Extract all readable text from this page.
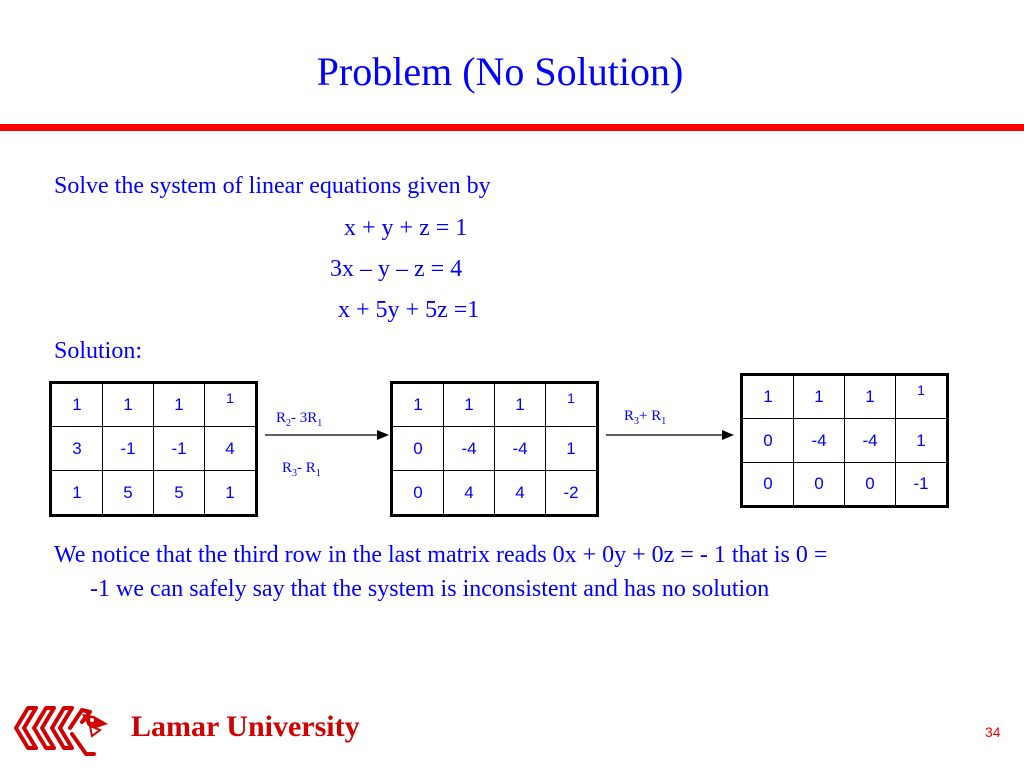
Problem (No Solution)
Solve the system of linear equations given by
x + y + z = 1
3x – y – z = 4
x + 5y + 5z =1
Solution:
1	1	1	1
3	-1	-1	4
1	5	5	1
$R_2-$ $3R_1$
$R_3-$ $R_1$
1	1	1	1
0	-4	-4	1
0	4	4	-2
$R_3+ R_1$
1	1	1	1
0	-4	-4	1
0	0	0	-1
We notice that the third row in the last matrix reads 0x + 0y + 0z = - 1 that is 0 =
-1 we can safely say that the system is inconsistent and has no solution
Lamar University	34
